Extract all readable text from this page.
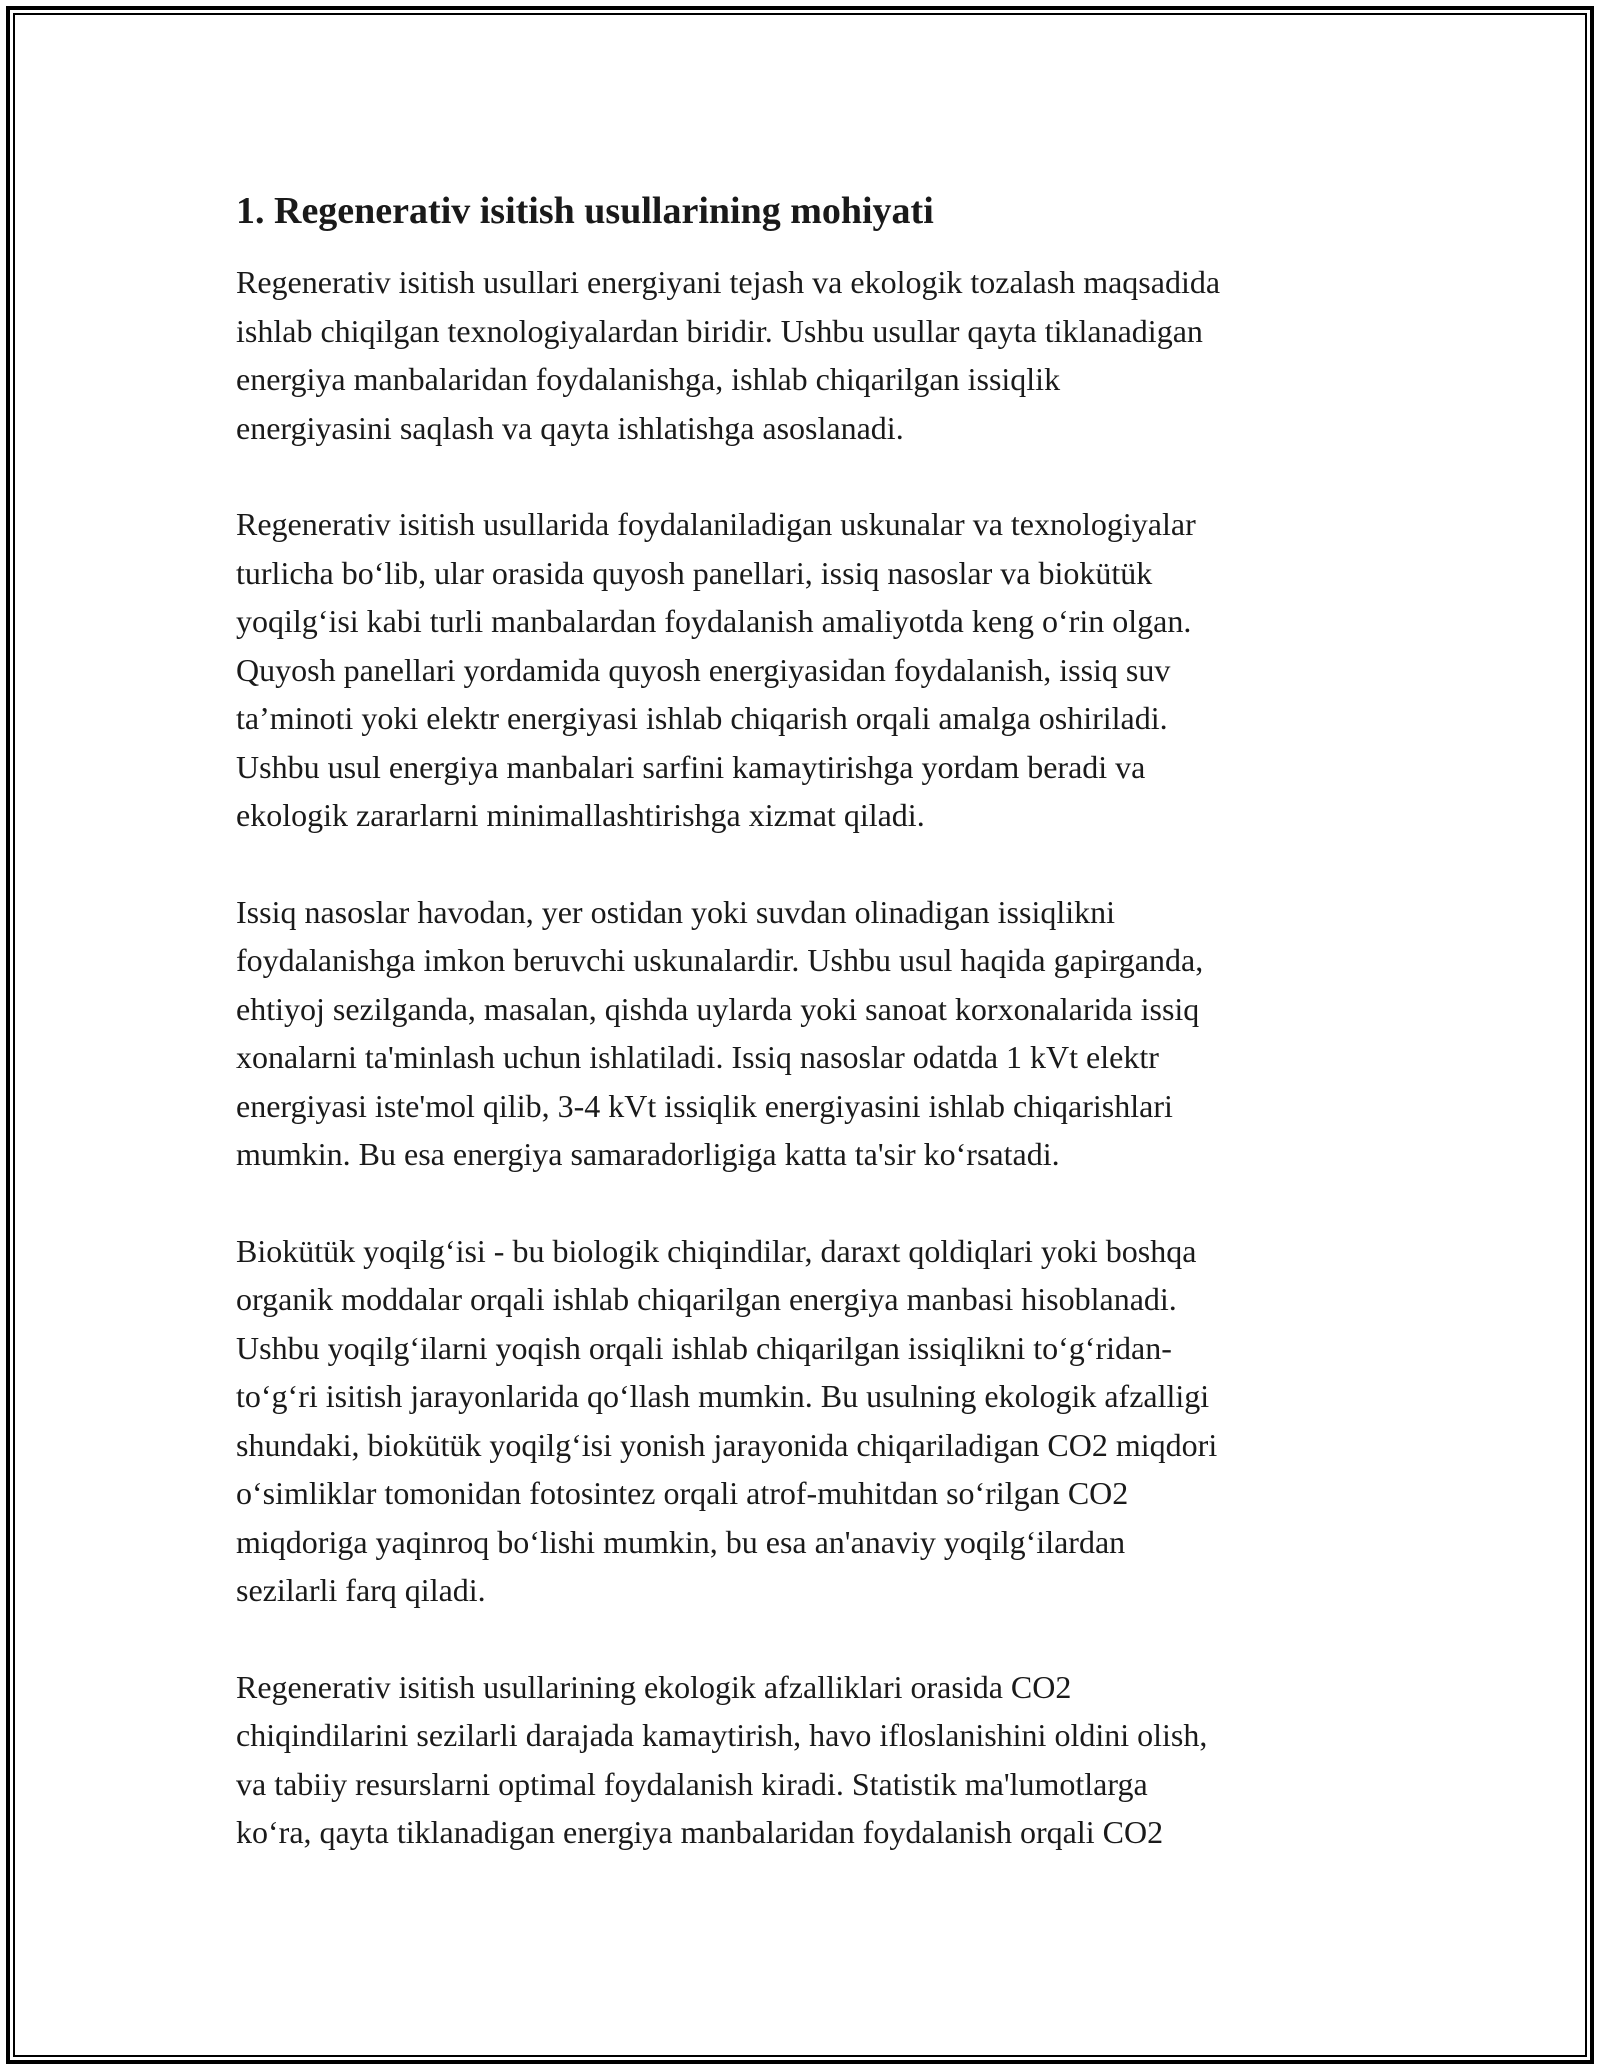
1. Regenerativ isitish usullarining mohiyati

Regenerativ isitish usullari energiyani tejash va ekologik tozalash maqsadida
ishlab chiqilgan texnologiyalardan biridir. Ushbu usullar qayta tiklanadigan
energiya manbalaridan foydalanishga, ishlab chiqarilgan issiqlik
energiyasini saqlash va qayta ishlatishga asoslanadi.

Regenerativ isitish usullarida foydalaniladigan uskunalar va texnologiyalar
turlicha bo‘lib, ular orasida quyosh panellari, issiq nasoslar va biokütük
yoqilg‘isi kabi turli manbalardan foydalanish amaliyotda keng o‘rin olgan.
Quyosh panellari yordamida quyosh energiyasidan foydalanish, issiq suv
ta’minoti yoki elektr energiyasi ishlab chiqarish orqali amalga oshiriladi.
Ushbu usul energiya manbalari sarfini kamaytirishga yordam beradi va
ekologik zararlarni minimallashtirishga xizmat qiladi.

Issiq nasoslar havodan, yer ostidan yoki suvdan olinadigan issiqlikni
foydalanishga imkon beruvchi uskunalardir. Ushbu usul haqida gapirganda,
ehtiyoj sezilganda, masalan, qishda uylarda yoki sanoat korxonalarida issiq
xonalarni ta'minlash uchun ishlatiladi. Issiq nasoslar odatda 1 kVt elektr
energiyasi iste'mol qilib, 3-4 kVt issiqlik energiyasini ishlab chiqarishlari
mumkin. Bu esa energiya samaradorligiga katta ta'sir ko‘rsatadi.

Biokütük yoqilg‘isi - bu biologik chiqindilar, daraxt qoldiqlari yoki boshqa
organik moddalar orqali ishlab chiqarilgan energiya manbasi hisoblanadi.
Ushbu yoqilg‘ilarni yoqish orqali ishlab chiqarilgan issiqlikni to‘g‘ridan-
to‘g‘ri isitish jarayonlarida qo‘llash mumkin. Bu usulning ekologik afzalligi
shundaki, biokütük yoqilg‘isi yonish jarayonida chiqariladigan CO2 miqdori
o‘simliklar tomonidan fotosintez orqali atrof-muhitdan so‘rilgan CO2
miqdoriga yaqinroq bo‘lishi mumkin, bu esa an'anaviy yoqilg‘ilardan
sezilarli farq qiladi.

Regenerativ isitish usullarining ekologik afzalliklari orasida CO2
chiqindilarini sezilarli darajada kamaytirish, havo ifloslanishini oldini olish,
va tabiiy resurslarni optimal foydalanish kiradi. Statistik ma'lumotlarga
ko‘ra, qayta tiklanadigan energiya manbalaridan foydalanish orqali CO2
